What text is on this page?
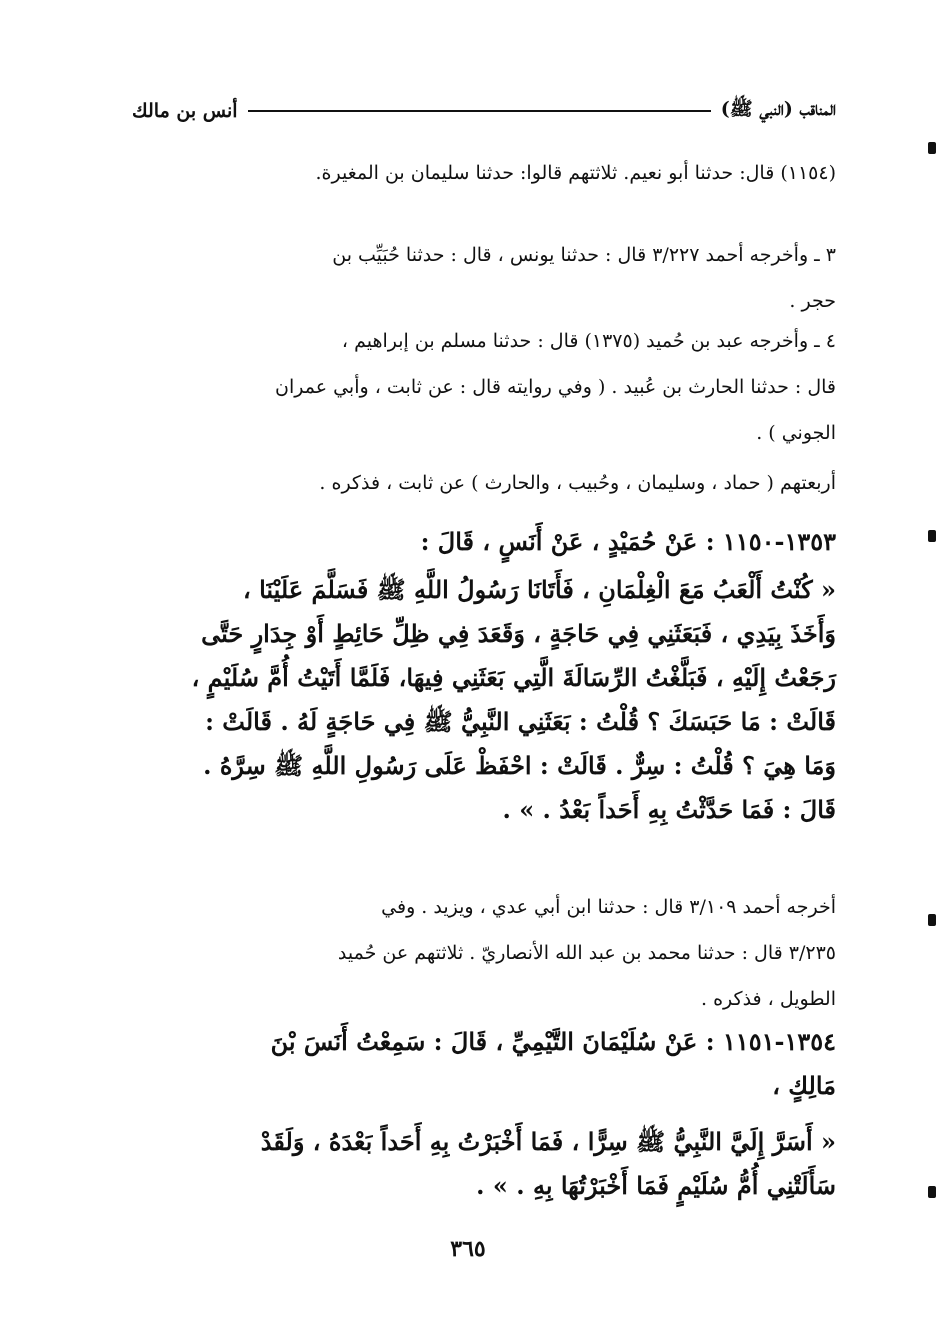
المناقب (النبي ﷺ)
أنس بن مالك
(١١٥٤) قال: حدثنا أبو نعيم. ثلاثتهم قالوا: حدثنا سليمان بن المغيرة.
٣ ـ وأخرجه أحمد ٣/٢٢٧ قال : حدثنا يونس ، قال : حدثنا حُبَيِّب بن
حجر .
٤ ـ وأخرجه عبد بن حُميد (١٣٧٥) قال : حدثنا مسلم بن إبراهيم ،
قال : حدثنا الحارث بن عُبيد . ( وفي روايته قال : عن ثابت ، وأبي عمران
الجوني ) .
أربعتهم ( حماد ، وسليمان ، وحُبيب ، والحارث ) عن ثابت ، فذكره .
١٣٥٣-١١٥٠ : عَنْ حُمَيْدٍ ، عَنْ أَنَسٍ ، قَالَ :
« كُنْتُ أَلْعَبُ مَعَ الْغِلْمَانِ ، فَأَتَانَا رَسُولُ اللَّهِ ﷺ فَسَلَّمَ عَلَيْنَا ،
وَأَخَذَ بِيَدِي ، فَبَعَثَنِي فِي حَاجَةٍ ، وَقَعَدَ فِي ظِلِّ حَائِطٍ أَوْ جِدَارٍ حَتَّى
رَجَعْتُ إِلَيْهِ ، فَبَلَّغْتُ الرِّسَالَةَ الَّتِي بَعَثَنِي فِيهَا، فَلَمَّا أَتَيْتُ أُمَّ سُلَيْمٍ ،
قَالَتْ : مَا حَبَسَكَ ؟ قُلْتُ : بَعَثَنِي النَّبِيُّ ﷺ فِي حَاجَةٍ لَهُ . قَالَتْ :
وَمَا هِيَ ؟ قُلْتُ : سِرٌّ . قَالَتْ : احْفَظْ عَلَى رَسُولِ اللَّهِ ﷺ سِرَّهُ .
قَالَ : فَمَا حَدَّثْتُ بِهِ أَحَداً بَعْدُ . » .
أخرجه أحمد ٣/١٠٩ قال : حدثنا ابن أبي عدي ، ويزيد . وفي
٣/٢٣٥ قال : حدثنا محمد بن عبد الله الأنصاريّ . ثلاثتهم عن حُميد
الطويل ، فذكره .
١٣٥٤-١١٥١ : عَنْ سُلَيْمَانَ التَّيْمِيِّ ، قَالَ : سَمِعْتُ أَنَسَ بْنَ
مَالِكٍ ،
« أَسَرَّ إِلَيَّ النَّبِيُّ ﷺ سِرًّا ، فَمَا أَخْبَرْتُ بِهِ أَحَداً بَعْدَهُ ، وَلَقَدْ
سَأَلَتْنِي أُمُّ سُلَيْمٍ فَمَا أَخْبَرْتُهَا بِهِ . » .
٣٦٥
